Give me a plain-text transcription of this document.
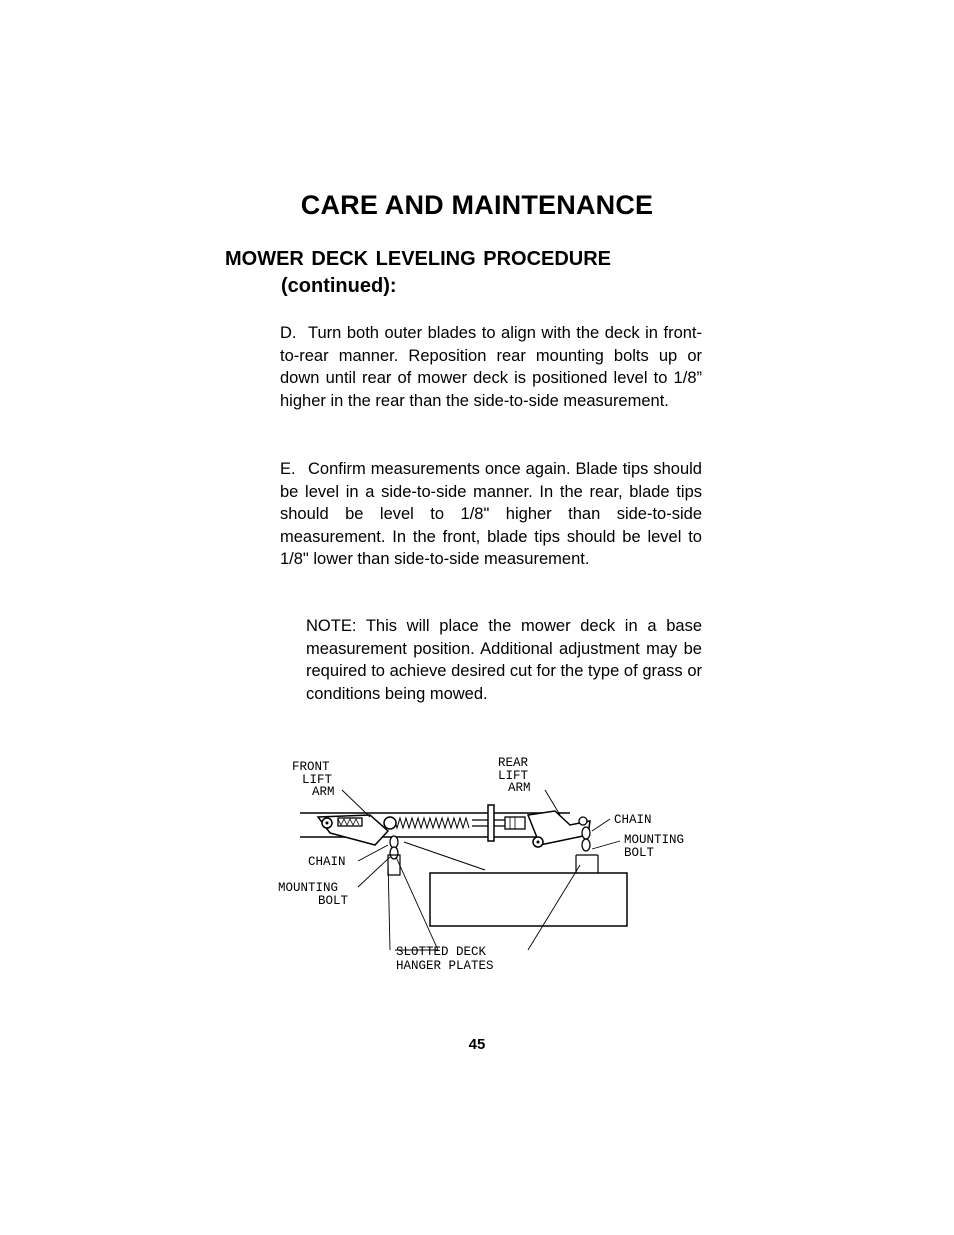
CARE AND MAINTENANCE
MOWER DECK LEVELING PROCEDURE
(continued):
D. Turn both outer blades to align with the deck in front-to-rear manner. Reposition rear mounting bolts up or down until rear of mower deck is positioned level to 1/8” higher in the rear than the side-to-side measurement.
E. Confirm measurements once again. Blade tips should be level in a side-to-side manner. In the rear, blade tips should be level to 1/8" higher than side-to-side measurement. In the front, blade tips should be level to 1/8" lower than side-to-side measurement.
NOTE: This will place the mower deck in a base measurement position. Additional adjustment may be required to achieve desired cut for the type of grass or conditions being mowed.
FRONT
LIFT
ARM
REAR
LIFT
ARM
CHAIN
MOUNTING
BOLT
CHAIN
MOUNTING
BOLT
SLOTTED DECK
HANGER PLATES
45
